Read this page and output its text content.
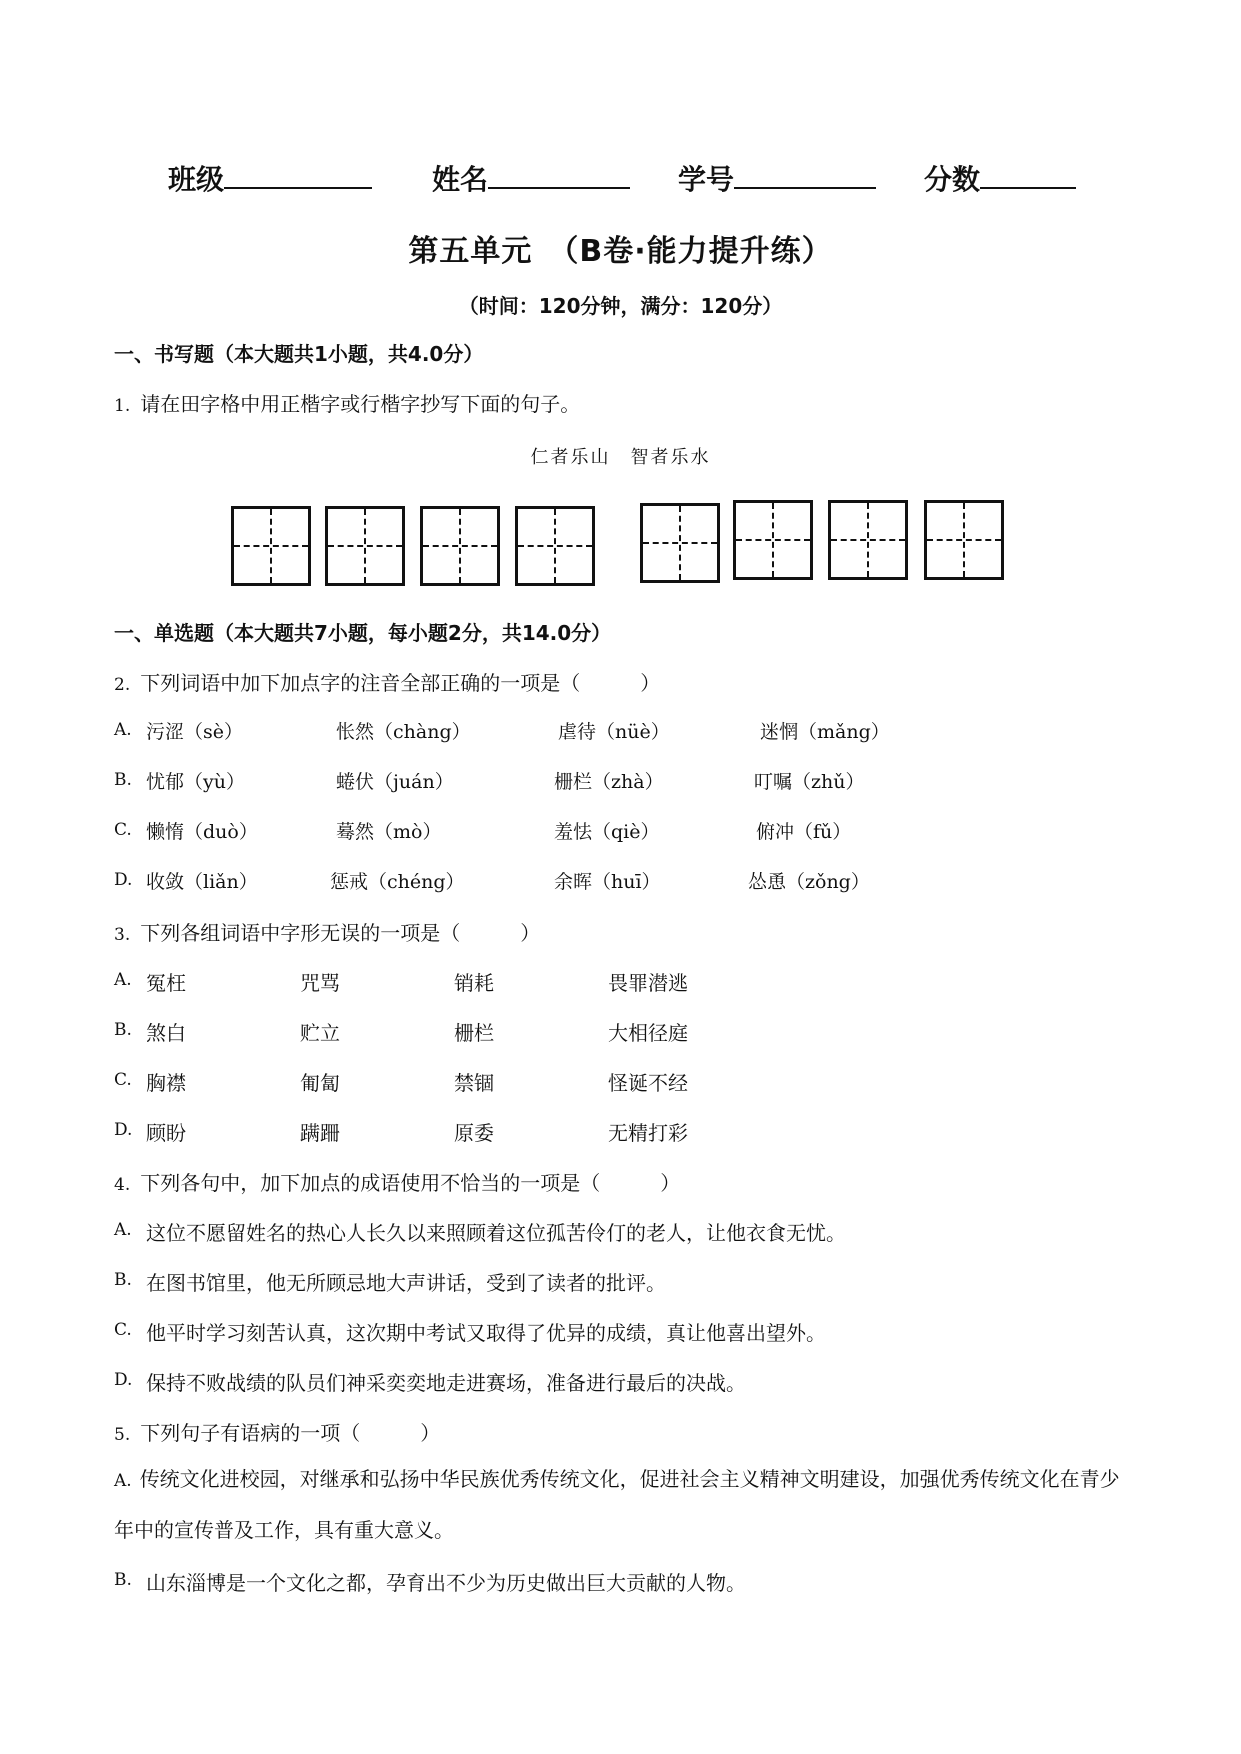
班级	姓名	学号	分数
第五单元　（B卷·能力提升练）
（时间：120分钟，满分：120分）
一、书写题（本大题共1小题，共4.0分）
1. 请在田字格中用正楷字或行楷字抄写下面的句子。
仁者乐山　智者乐水
一、单选题（本大题共7小题，每小题2分，共14.0分）
2. 下列词语中加下加点字的注音全部正确的一项是（　　　）
A. 污涩（sè）	怅然（chàng）	虐待（nüè）	迷惘（mǎng）
B. 忧郁（yù）	蜷伏（juán）	栅栏（zhà）	叮嘱（zhǔ）
C. 懒惰（duò）	蓦然（mò）	羞怯（qiè）	俯冲（fǔ）
D. 收敛（liǎn）	惩戒（chéng）	余晖（huī）	怂恿（zǒng）
3. 下列各组词语中字形无误的一项是（　　　）
A. 冤枉	咒骂	销耗	畏罪潜逃
B. 煞白	贮立	栅栏	大相径庭
C. 胸襟	匍匐	禁锢	怪诞不经
D. 顾盼	蹒跚	原委	无精打彩
4. 下列各句中，加下加点的成语使用不恰当的一项是（　　　）
A. 这位不愿留姓名的热心人长久以来照顾着这位孤苦伶仃的老人，让他衣食无忧。
B. 在图书馆里，他无所顾忌地大声讲话，受到了读者的批评。
C. 他平时学习刻苦认真，这次期中考试又取得了优异的成绩，真让他喜出望外。
D. 保持不败战绩的队员们神采奕奕地走进赛场，准备进行最后的决战。
5. 下列句子有语病的一项（　　　）
A. 传统文化进校园，对继承和弘扬中华民族优秀传统文化，促进社会主义精神文明建设，加强优秀传统文化在青少年中的宣传普及工作，具有重大意义。
B. 山东淄博是一个文化之都，孕育出不少为历史做出巨大贡献的人物。
